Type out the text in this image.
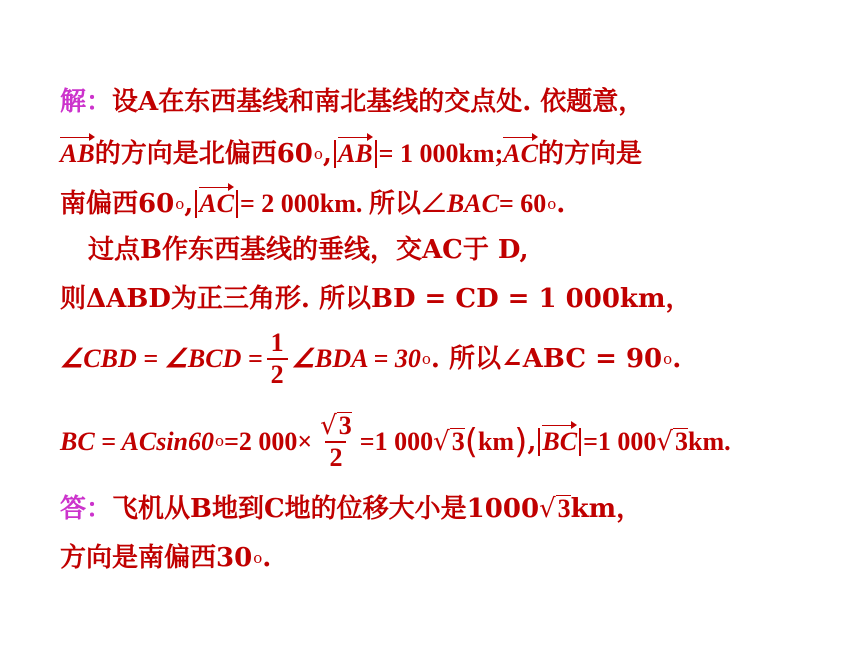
解： 设A在东西基线和南北基线的交点处. 依题意，
AB 的方向是北偏西60 o , AB = 1 000km; AC 的方向是
南偏西60 o , AC = 2 000km. 所以∠ BAC = 60 o .
过点B作东西基线的垂线，交AC于 D,
则ΔABD为正三角形. 所以BD = CD = 1 000km，
∠CBD = ∠BCD = $\frac{1}{2}$ ∠BDA = 30 o . 所以∠ABC = 90 o .
BC = ACsin60 o =2 $000\times \frac{√ 3}{2} =1$ 000 √ 3 ( km ) , BC =1 000 √ 3 km.
答： 飞机从B地到C地的位移大小是1000 √ 3 km，
方向是南偏西30 o .
